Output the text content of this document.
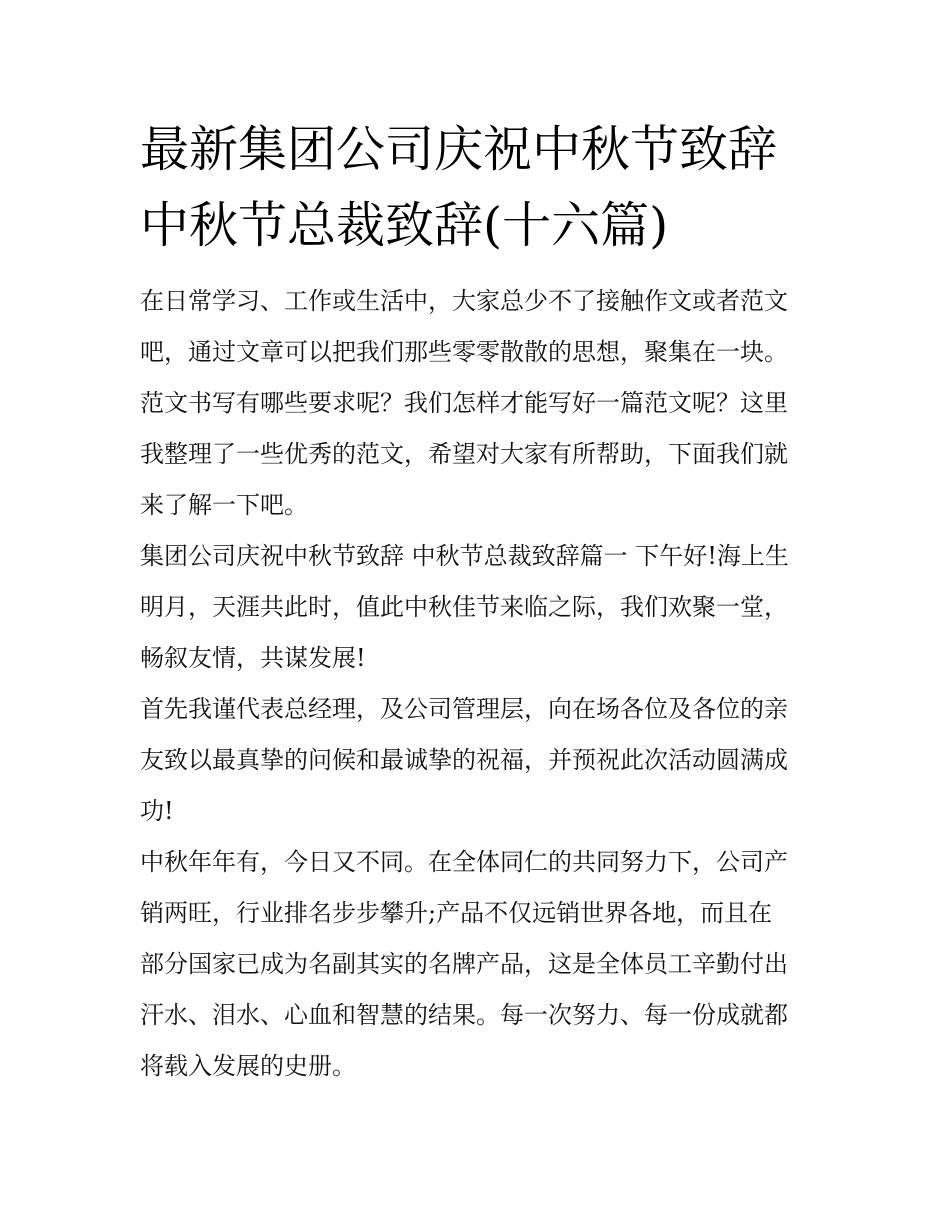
最新集团公司庆祝中秋节致辞
中秋节总裁致辞(十六篇)
在日常学习、工作或生活中，大家总少不了接触作文或者范文
吧，通过文章可以把我们那些零零散散的思想，聚集在一块。
范文书写有哪些要求呢？我们怎样才能写好一篇范文呢？这里
我整理了一些优秀的范文，希望对大家有所帮助，下面我们就
来了解一下吧。
集团公司庆祝中秋节致辞 中秋节总裁致辞篇一 下午好!海上生
明月，天涯共此时，值此中秋佳节来临之际，我们欢聚一堂，
畅叙友情，共谋发展!
首先我谨代表总经理，及公司管理层，向在场各位及各位的亲
友致以最真挚的问候和最诚挚的祝福，并预祝此次活动圆满成
功!
中秋年年有，今日又不同。在全体同仁的共同努力下，公司产
销两旺，行业排名步步攀升;产品不仅远销世界各地，而且在
部分国家已成为名副其实的名牌产品，这是全体员工辛勤付出
汗水、泪水、心血和智慧的结果。每一次努力、每一份成就都
将载入发展的史册。
